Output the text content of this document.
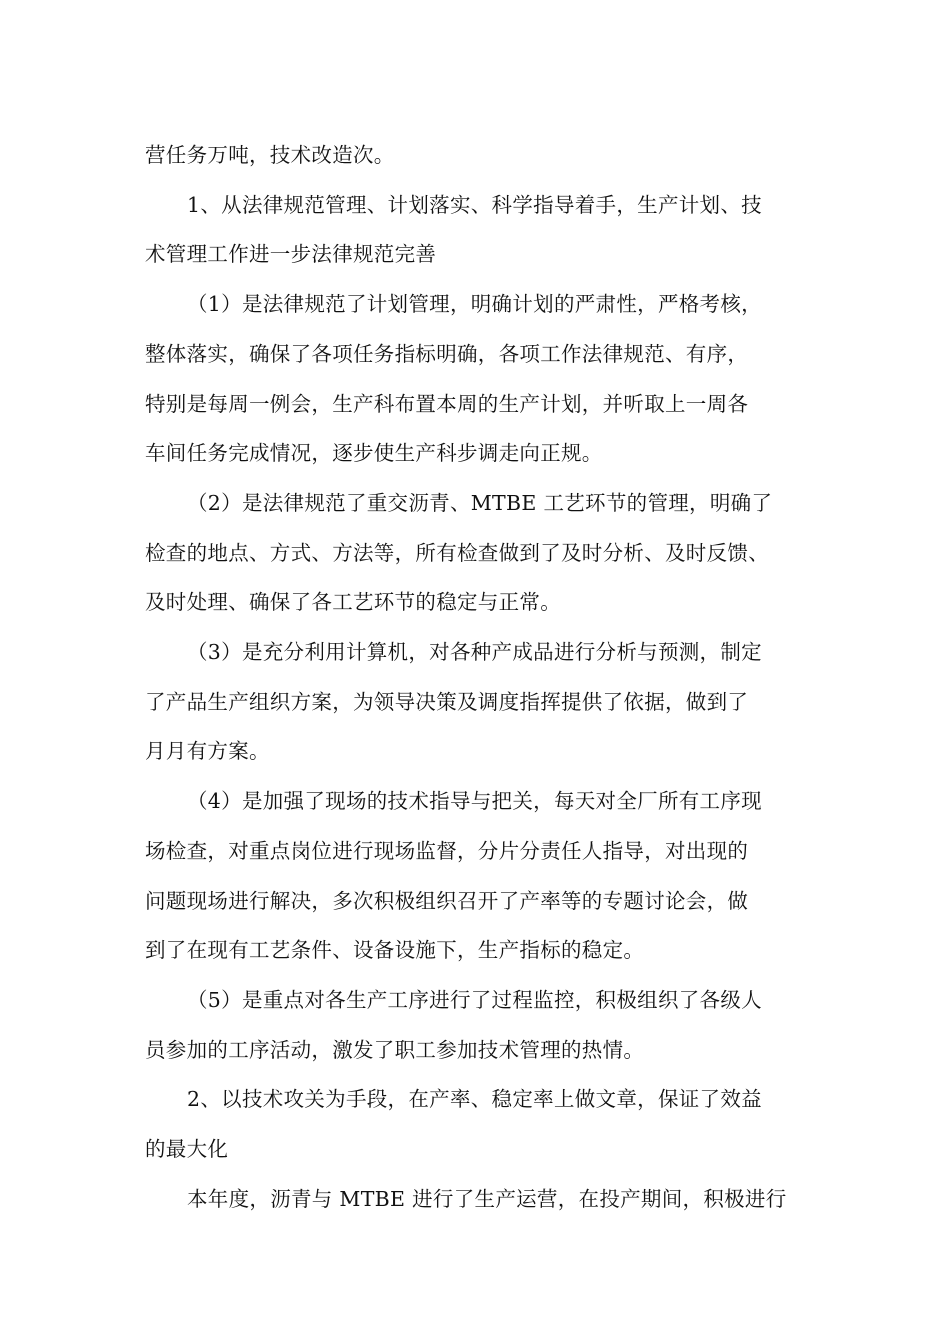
营任务万吨，技术改造次。

1、从法律规范管理、计划落实、科学指导着手，生产计划、技
术管理工作进一步法律规范完善

（1）是法律规范了计划管理，明确计划的严肃性，严格考核，
整体落实，确保了各项任务指标明确，各项工作法律规范、有序，
特别是每周一例会，生产科布置本周的生产计划，并听取上一周各
车间任务完成情况，逐步使生产科步调走向正规。

（2）是法律规范了重交沥青、MTBE 工艺环节的管理，明确了
检查的地点、方式、方法等，所有检查做到了及时分析、及时反馈、
及时处理、确保了各工艺环节的稳定与正常。

（3）是充分利用计算机，对各种产成品进行分析与预测，制定
了产品生产组织方案，为领导决策及调度指挥提供了依据，做到了
月月有方案。

（4）是加强了现场的技术指导与把关，每天对全厂所有工序现
场检查，对重点岗位进行现场监督，分片分责任人指导，对出现的
问题现场进行解决，多次积极组织召开了产率等的专题讨论会，做
到了在现有工艺条件、设备设施下，生产指标的稳定。

（5）是重点对各生产工序进行了过程监控，积极组织了各级人
员参加的工序活动，激发了职工参加技术管理的热情。

2、以技术攻关为手段，在产率、稳定率上做文章，保证了效益
的最大化

本年度，沥青与 MTBE 进行了生产运营，在投产期间，积极进行
